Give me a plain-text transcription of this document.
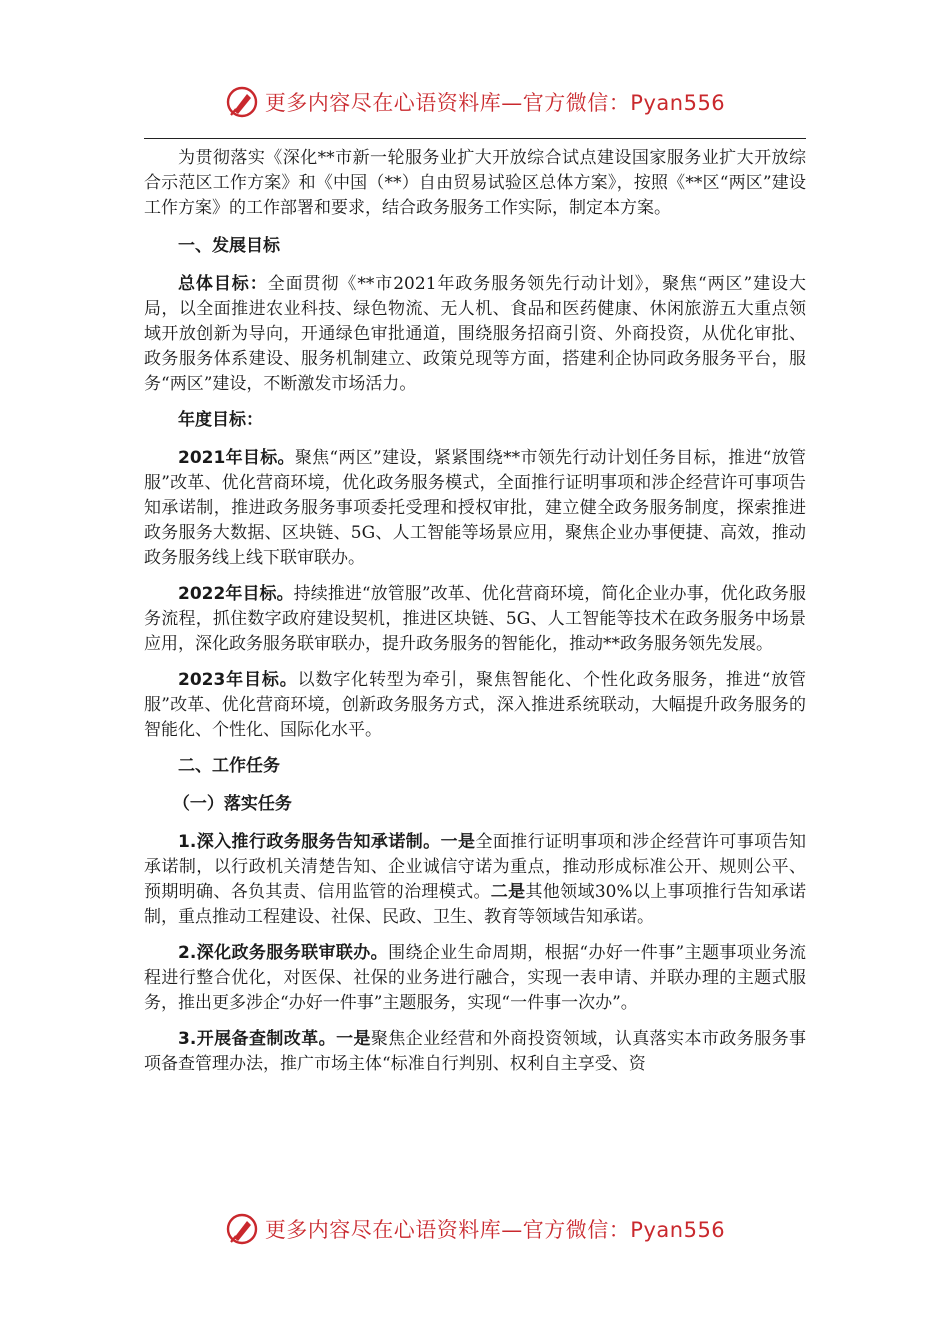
更多内容尽在心语资料库—官方微信：Pyan556

为贯彻落实《深化**市新一轮服务业扩大开放综合试点建设国家服务业扩大开放综合示范区工作方案》和《中国（**）自由贸易试验区总体方案》，按照《**区“两区”建设工作方案》的工作部署和要求，结合政务服务工作实际，制定本方案。

一、发展目标

总体目标：全面贯彻《**市2021年政务服务领先行动计划》，聚焦“两区”建设大局，以全面推进农业科技、绿色物流、无人机、食品和医药健康、休闲旅游五大重点领域开放创新为导向，开通绿色审批通道，围绕服务招商引资、外商投资，从优化审批、政务服务体系建设、服务机制建立、政策兑现等方面，搭建利企协同政务服务平台，服务“两区”建设，不断激发市场活力。

年度目标：

2021年目标。聚焦“两区”建设，紧紧围绕**市领先行动计划任务目标，推进“放管服”改革、优化营商环境，优化政务服务模式，全面推行证明事项和涉企经营许可事项告知承诺制，推进政务服务事项委托受理和授权审批，建立健全政务服务制度，探索推进政务服务大数据、区块链、5G、人工智能等场景应用，聚焦企业办事便捷、高效，推动政务服务线上线下联审联办。

2022年目标。持续推进“放管服”改革、优化营商环境，简化企业办事，优化政务服务流程，抓住数字政府建设契机，推进区块链、5G、人工智能等技术在政务服务中场景应用，深化政务服务联审联办，提升政务服务的智能化，推动**政务服务领先发展。

2023年目标。以数字化转型为牵引，聚焦智能化、个性化政务服务，推进“放管服”改革、优化营商环境，创新政务服务方式，深入推进系统联动，大幅提升政务服务的智能化、个性化、国际化水平。

二、工作任务
（一）落实任务

1.深入推行政务服务告知承诺制。一是全面推行证明事项和涉企经营许可事项告知承诺制，以行政机关清楚告知、企业诚信守诺为重点，推动形成标准公开、规则公平、预期明确、各负其责、信用监管的治理模式。二是其他领域30%以上事项推行告知承诺制，重点推动工程建设、社保、民政、卫生、教育等领域告知承诺。

2.深化政务服务联审联办。围绕企业生命周期，根据“办好一件事”主题事项业务流程进行整合优化，对医保、社保的业务进行融合，实现一表申请、并联办理的主题式服务，推出更多涉企“办好一件事”主题服务，实现“一件事一次办”。

3.开展备查制改革。一是聚焦企业经营和外商投资领域，认真落实本市政务服务事项备查管理办法，推广市场主体“标准自行判别、权利自主享受、资

更多内容尽在心语资料库—官方微信：Pyan556
